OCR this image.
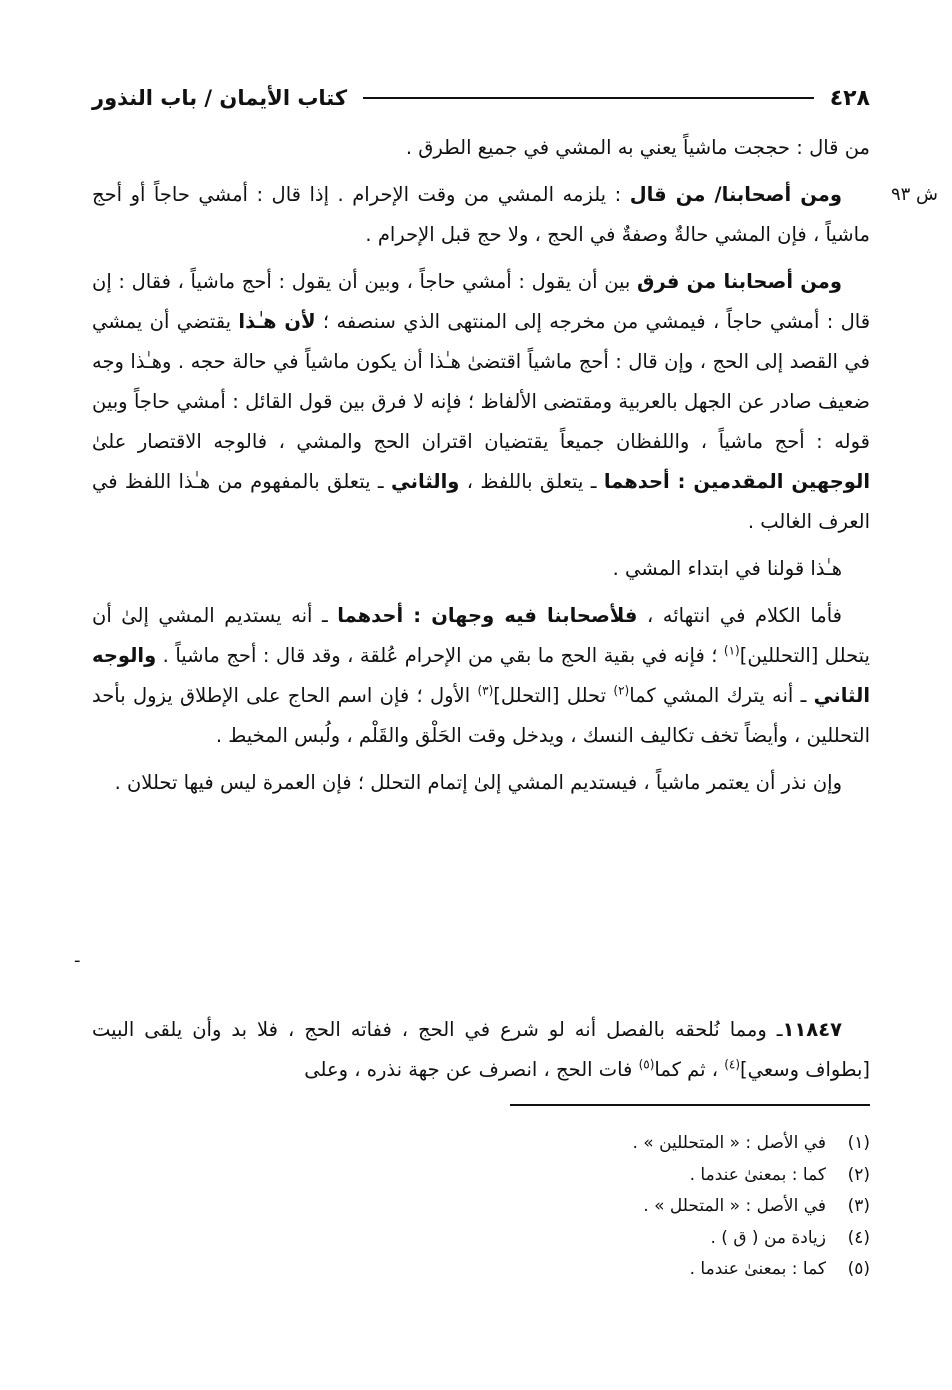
٤٢٨
كتاب الأيمان / باب النذور
ش ٩٣

من قال : حججت ماشياً يعني به المشي في جميع الطرق .

ومن أصحابنا/ من قال : يلزمه المشي من وقت الإحرام . إذا قال : أمشي حاجاً أو أحج ماشياً ، فإن المشي حالةٌ وصفةٌ في الحج ، ولا حج قبل الإحرام .

ومن أصحابنا من فرق بين أن يقول : أمشي حاجاً ، وبين أن يقول : أحج ماشياً ، فقال : إن قال : أمشي حاجاً ، فيمشي من مخرجه إلى المنتهى الذي سنصفه ؛ لأن هـٰذا يقتضي أن يمشي في القصد إلى الحج ، وإن قال : أحج ماشياً اقتضىٰ هـٰذا أن يكون ماشياً في حالة حجه . وهـٰذا وجه ضعيف صادر عن الجهل بالعربية ومقتضى الألفاظ ؛ فإنه لا فرق بين قول القائل : أمشي حاجاً وبين قوله : أحج ماشياً ، واللفظان جميعاً يقتضيان اقتران الحج والمشي ، فالوجه الاقتصار علىٰ الوجهين المقدمين : أحدهما ـ يتعلق باللفظ ، والثاني ـ يتعلق بالمفهوم من هـٰذا اللفظ في العرف الغالب .

هـٰذا قولنا في ابتداء المشي .

فأما الكلام في انتهائه ، فلأصحابنا فيه وجهان : أحدهما ـ أنه يستديم المشي إلىٰ أن يتحلل [التحللين]$^{(١)}$ ؛ فإنه في بقية الحج ما بقي من الإحرام عُلقة ، وقد قال : أحج ماشياً . والوجه الثاني ـ أنه يترك المشي كما$^{(٢)}$ تحلل [التحلل]$^{(٣)}$ الأول ؛ فإن اسم الحاج على الإطلاق يزول بأحد التحللين ، وأيضاً تخف تكاليف النسك ، ويدخل وقت الحَلْق والقَلْم ، ولُبس المخيط .

وإن نذر أن يعتمر ماشياً ، فيستديم المشي إلىٰ إتمام التحلل ؛ فإن العمرة ليس فيها تحللان .

-

١١٨٤٧ـ ومما نُلحقه بالفصل أنه لو شرع في الحج ، ففاته الحج ، فلا بد وأن يلقى البيت [بطواف وسعي]$^{(٤)}$ ، ثم كما$^{(٥)}$ فات الحج ، انصرف عن جهة نذره ، وعلى

(١)
في الأصل : « المتحللين » .
(٢)
كما : بمعنىٰ عندما .
(٣)
في الأصل : « المتحلل » .
(٤)
زيادة من ( ق ) .
(٥)
كما : بمعنىٰ عندما .
